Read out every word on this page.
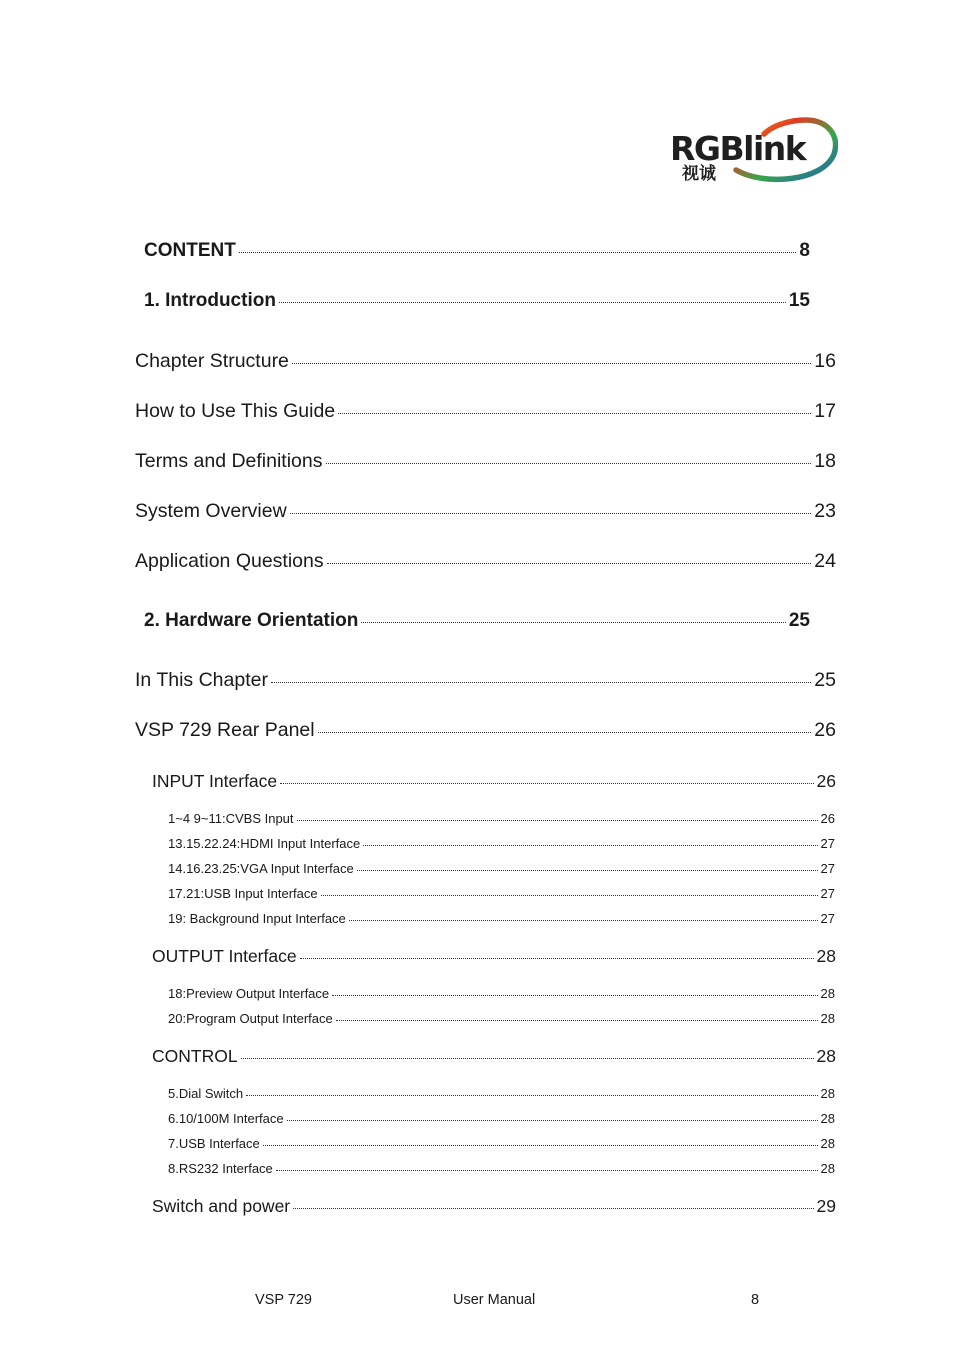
RGBlink
视诚
CONTENT	8
1. Introduction	15
Chapter Structure	16
How to Use This Guide	17
Terms and Definitions	18
System Overview	23
Application Questions	24
2. Hardware Orientation	25
In This Chapter	25
VSP 729 Rear Panel	26
INPUT Interface	26
1~4 9~11:CVBS Input	26
13.15.22.24:HDMI Input Interface	27
14.16.23.25:VGA Input Interface	27
17.21:USB Input Interface	27
19: Background Input Interface	27
OUTPUT Interface	28
18:Preview Output Interface	28
20:Program Output Interface	28
CONTROL	28
5.Dial Switch	28
6.10/100M Interface	28
7.USB Interface	28
8.RS232 Interface	28
Switch and power	29
VSP 729	User Manual	8
